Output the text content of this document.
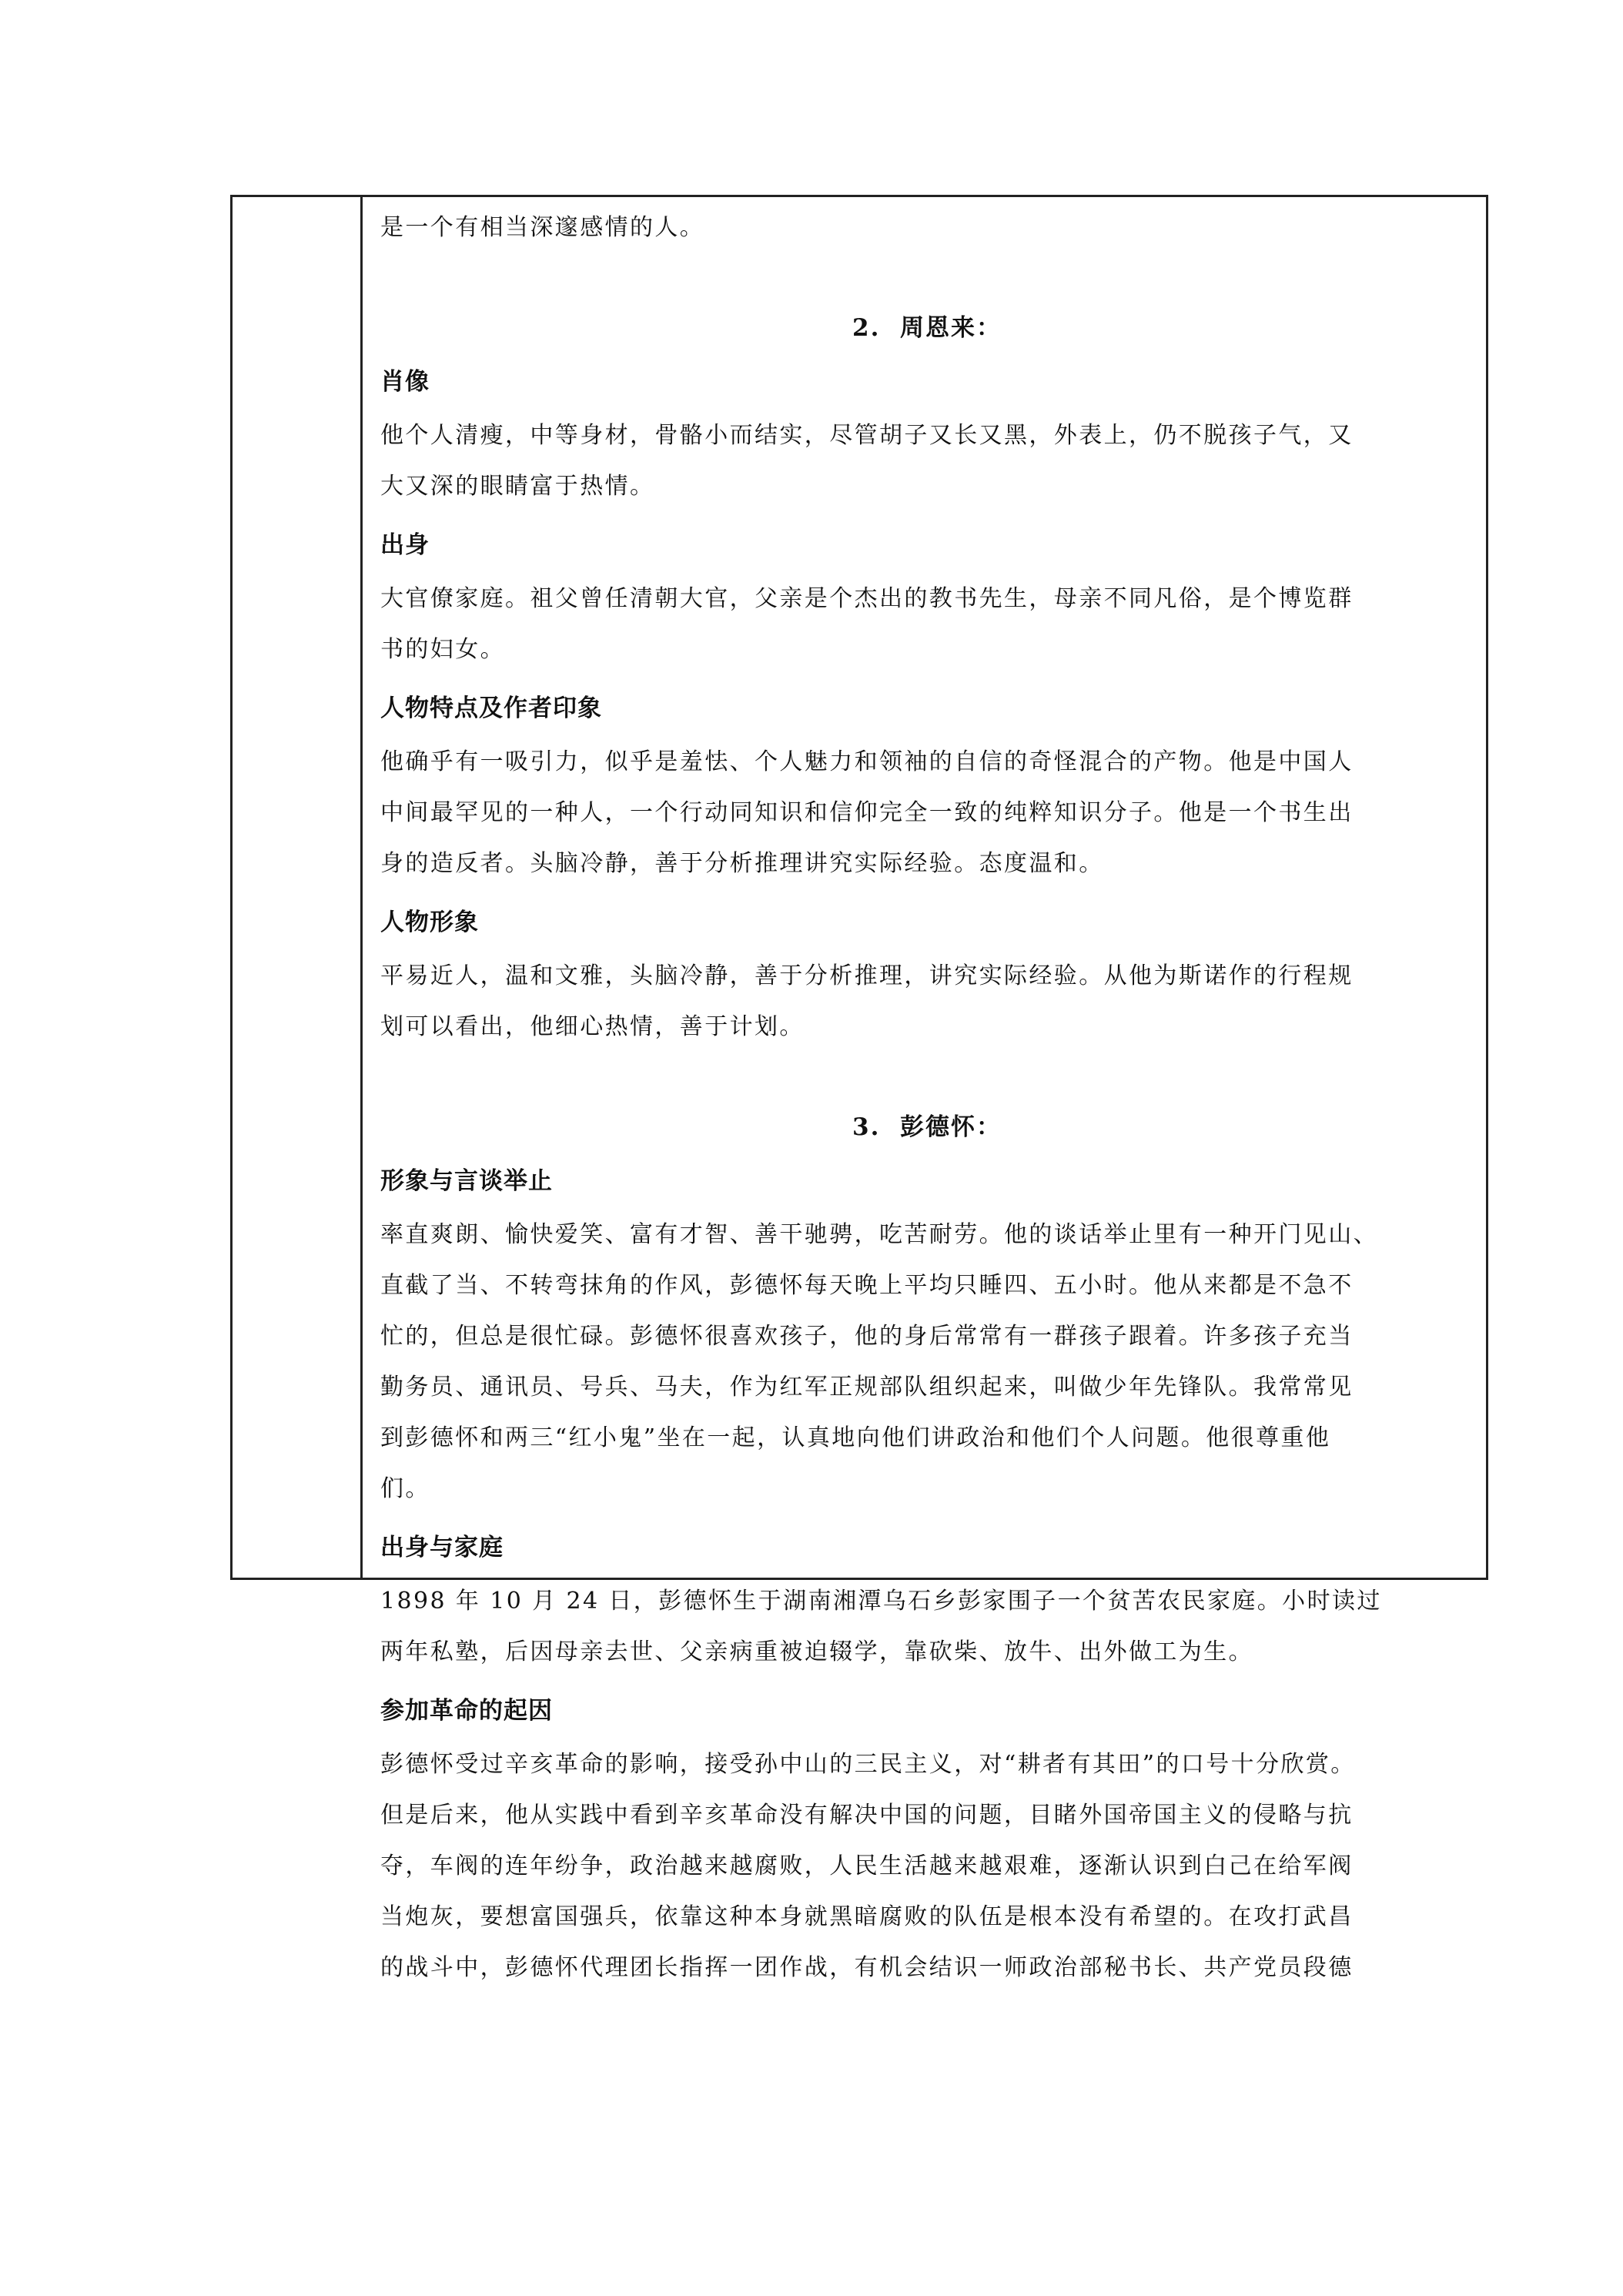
是一个有相当深邃感情的人。
2. 周恩来：
肖像
他个人清瘦，中等身材，骨骼小而结实，尽管胡子又长又黑，外表上，仍不脱孩子气，又
大又深的眼睛富于热情。
出身
大官僚家庭。祖父曾任清朝大官，父亲是个杰出的教书先生，母亲不同凡俗，是个博览群
书的妇女。
人物特点及作者印象
他确乎有一吸引力，似乎是羞怯、个人魅力和领袖的自信的奇怪混合的产物。他是中国人
中间最罕见的一种人，一个行动同知识和信仰完全一致的纯粹知识分子。他是一个书生出
身的造反者。头脑冷静，善于分析推理讲究实际经验。态度温和。
人物形象
平易近人，温和文雅，头脑冷静，善于分析推理，讲究实际经验。从他为斯诺作的行程规
划可以看出，他细心热情，善于计划。
3. 彭德怀：
形象与言谈举止
率直爽朗、愉快爱笑、富有才智、善干驰骋，吃苦耐劳。他的谈话举止里有一种开门见山、
直截了当、不转弯抹角的作风，彭德怀每天晚上平均只睡四、五小时。他从来都是不急不
忙的，但总是很忙碌。彭德怀很喜欢孩子，他的身后常常有一群孩子跟着。许多孩子充当
勤务员、通讯员、号兵、马夫，作为红军正规部队组织起来，叫做少年先锋队。我常常见
到彭德怀和两三“红小鬼”坐在一起，认真地向他们讲政治和他们个人问题。他很尊重他
们。
出身与家庭
1898 年 10 月 24 日，彭德怀生于湖南湘潭乌石乡彭家围子一个贫苦农民家庭。小时读过
两年私塾，后因母亲去世、父亲病重被迫辍学，靠砍柴、放牛、出外做工为生。
参加革命的起因
彭德怀受过辛亥革命的影响，接受孙中山的三民主义，对“耕者有其田”的口号十分欣赏。
但是后来，他从实践中看到辛亥革命没有解决中国的问题，目睹外国帝国主义的侵略与抗
夺，车阀的连年纷争，政治越来越腐败，人民生活越来越艰难，逐渐认识到白己在给军阀
当炮灰，要想富国强兵，依靠这种本身就黑暗腐败的队伍是根本没有希望的。在攻打武昌
的战斗中，彭德怀代理团长指挥一团作战，有机会结识一师政治部秘书长、共产党员段德
